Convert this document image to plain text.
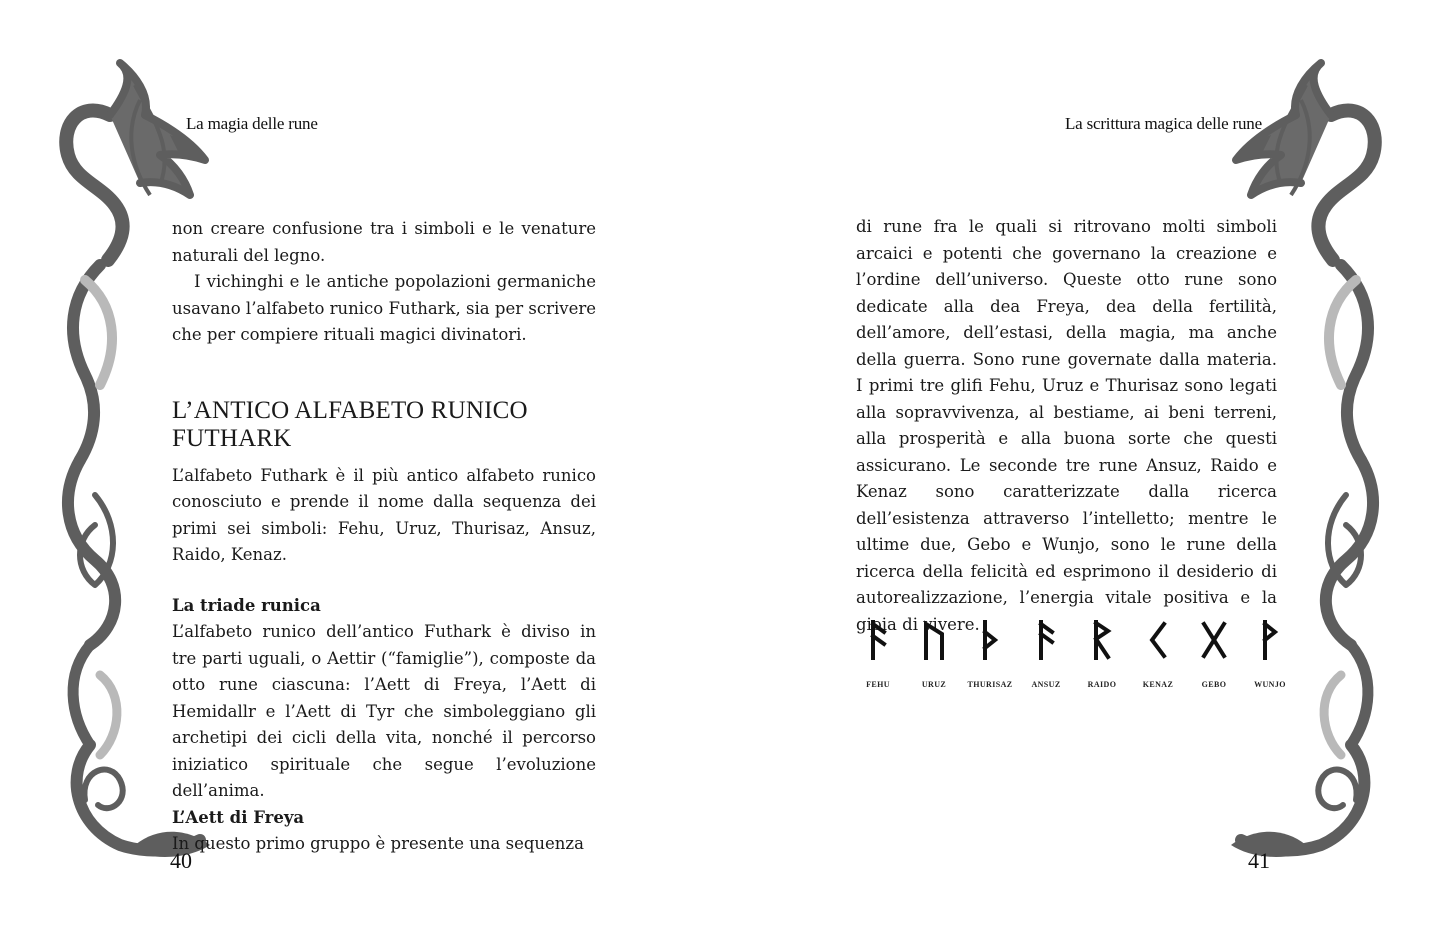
La magia delle rune

non creare confusione tra i simboli e le venature naturali del legno.

I vichinghi e le antiche popolazioni germaniche usavano l’alfabeto runico Futhark, sia per scrivere che per compiere rituali magici divinatori.

L’ANTICO ALFABETO RUNICO FUTHARK

L’alfabeto Futhark è il più antico alfabeto runico conosciuto e prende il nome dalla sequenza dei primi sei simboli: Fehu, Uruz, Thurisaz, Ansuz, Raido, Kenaz.

La triade runica

L’alfabeto runico dell’antico Futhark è diviso in tre parti uguali, o Aettir (“famiglie”), composte da otto rune ciascuna: l’Aett di Freya, l’Aett di Hemidallr e l’Aett di Tyr che simboleggiano gli archetipi dei cicli della vita, nonché il percorso iniziatico spirituale che segue l’evoluzione dell’anima.

L’Aett di Freya

In questo primo gruppo è presente una sequenza

40
La scrittura magica delle rune

di rune fra le quali si ritrovano molti simboli arcaici e potenti che governano la creazione e l’ordine dell’universo. Queste otto rune sono dedicate alla dea Freya, dea della fertilità, dell’amore, dell’estasi, della magia, ma anche della guerra. Sono rune governate dalla materia. I primi tre glifi Fehu, Uruz e Thurisaz sono legati alla sopravvivenza, al bestiame, ai beni terreni, alla prosperità e alla buona sorte che questi assicurano. Le seconde tre rune Ansuz, Raido e Kenaz sono caratterizzate dalla ricerca dell’esistenza attraverso l’intelletto; mentre le ultime due, Gebo e Wunjo, sono le rune della ricerca della felicità ed esprimono il desiderio di autorealizzazione, l’energia vitale positiva e la gioia di vivere.

FEHU	URUZ	THURISAZ	ANSUZ	RAIDO	KENAZ	GEBO	WUNJO
41
